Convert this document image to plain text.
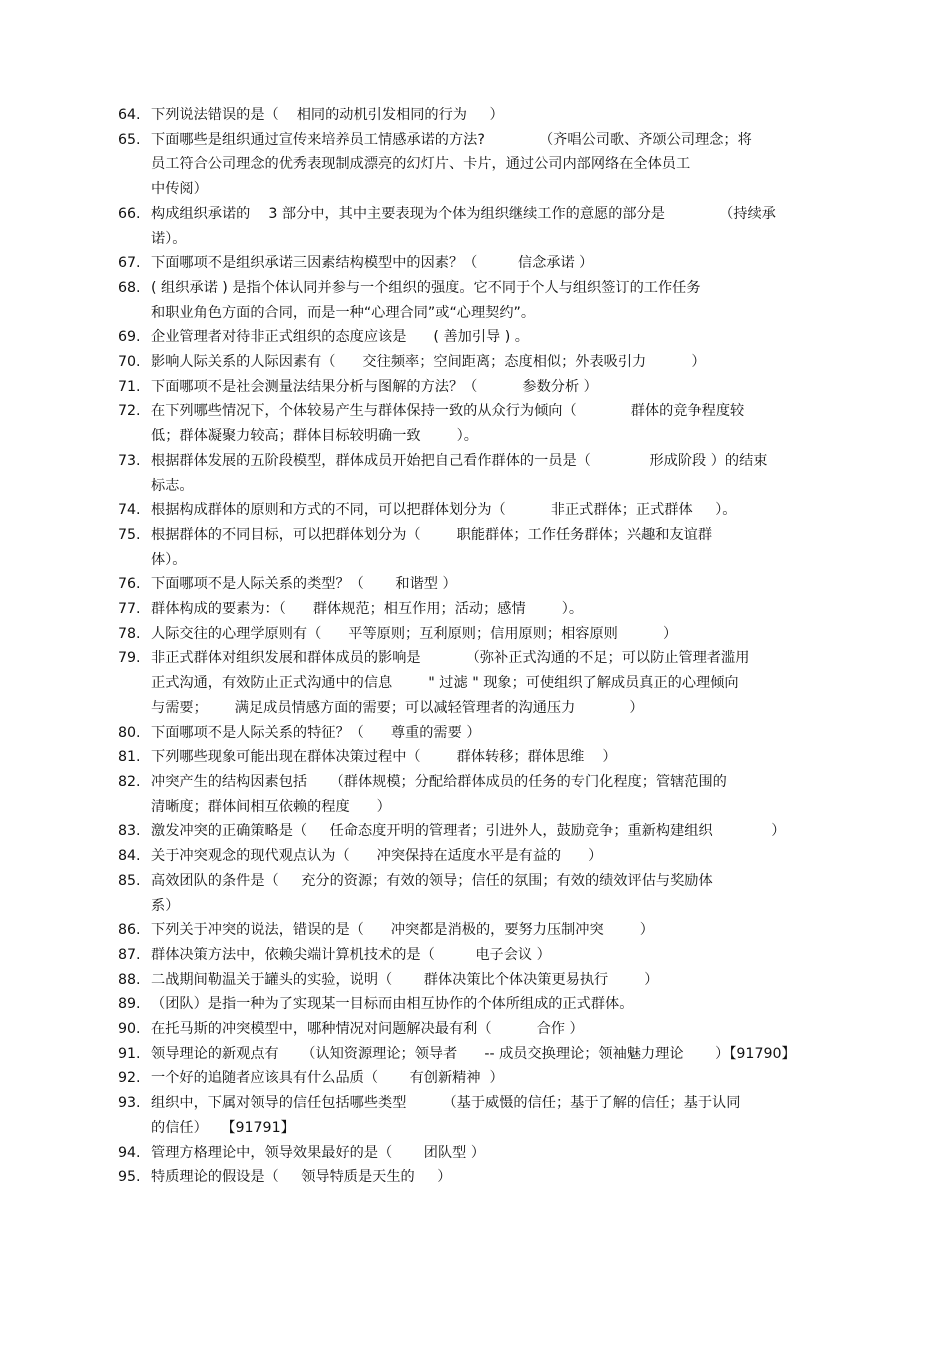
64. 下列说法错误的是（    相同的动机引发相同的行为     ）
65. 下面哪些是组织通过宣传来培养员工情感承诺的方法?            （齐唱公司歌、齐颂公司理念；将
员工符合公司理念的优秀表现制成漂亮的幻灯片、卡片，通过公司内部网络在全体员工
中传阅）
66. 构成组织承诺的    3 部分中，其中主要表现为个体为组织继续工作的意愿的部分是            （持续承
诺）。
67. 下面哪项不是组织承诺三因素结构模型中的因素？（         信念承诺 ）
68. ( 组织承诺 ) 是指个体认同并参与一个组织的强度。它不同于个人与组织签订的工作任务
和职业角色方面的合同，而是一种“心理合同”或“心理契约”。
69. 企业管理者对待非正式组织的态度应该是      ( 善加引导 ) 。
70. 影响人际关系的人际因素有（      交往频率；空间距离；态度相似；外表吸引力          ）
71. 下面哪项不是社会测量法结果分析与图解的方法？（          参数分析 ）
72. 在下列哪些情况下，个体较易产生与群体保持一致的从众行为倾向（            群体的竞争程度较
低；群体凝聚力较高；群体目标较明确一致        ）。
73. 根据群体发展的五阶段模型，群体成员开始把自己看作群体的一员是（             形成阶段 ）的结束
标志。
74. 根据构成群体的原则和方式的不同，可以把群体划分为（          非正式群体；正式群体     ）。
75. 根据群体的不同目标，可以把群体划分为（        职能群体；工作任务群体；兴趣和友谊群
体）。
76. 下面哪项不是人际关系的类型？（       和谐型 ）
77. 群体构成的要素为：（      群体规范；相互作用；活动；感情        ）。
78. 人际交往的心理学原则有（      平等原则；互利原则；信用原则；相容原则          ）
79. 非正式群体对组织发展和群体成员的影响是          （弥补正式沟通的不足；可以防止管理者滥用
正式沟通，有效防止正式沟通中的信息        " 过滤 " 现象；可使组织了解成员真正的心理倾向
与需要；      满足成员情感方面的需要；可以减轻管理者的沟通压力            ）
80. 下面哪项不是人际关系的特征？（      尊重的需要 ）
81. 下列哪些现象可能出现在群体决策过程中（        群体转移；群体思维    ）
82. 冲突产生的结构因素包括     （群体规模；分配给群体成员的任务的专门化程度；管辖范围的
清晰度；群体间相互依赖的程度      ）
83. 激发冲突的正确策略是（     任命态度开明的管理者；引进外人，鼓励竞争；重新构建组织             ）
84. 关于冲突观念的现代观点认为（      冲突保持在适度水平是有益的      ）
85. 高效团队的条件是（     充分的资源；有效的领导；信任的氛围；有效的绩效评估与奖励体
系）
86. 下列关于冲突的说法，错误的是（      冲突都是消极的，要努力压制冲突        ）
87. 群体决策方法中，依赖尖端计算机技术的是（         电子会议 ）
88. 二战期间勒温关于罐头的实验，说明（       群体决策比个体决策更易执行        ）
89. （团队）是指一种为了实现某一目标而由相互协作的个体所组成的正式群体。
90. 在托马斯的冲突模型中，哪种情况对问题解决最有利（          合作 ）
91. 领导理论的新观点有     （认知资源理论；领导者      -- 成员交换理论；领袖魅力理论       ）【91790】
92. 一个好的追随者应该具有什么品质（       有创新精神  ）
93. 组织中，下属对领导的信任包括哪些类型        （基于威慑的信任；基于了解的信任；基于认同
的信任）   【91791】
94. 管理方格理论中，领导效果最好的是（       团队型 ）
95. 特质理论的假设是（     领导特质是天生的     ）
